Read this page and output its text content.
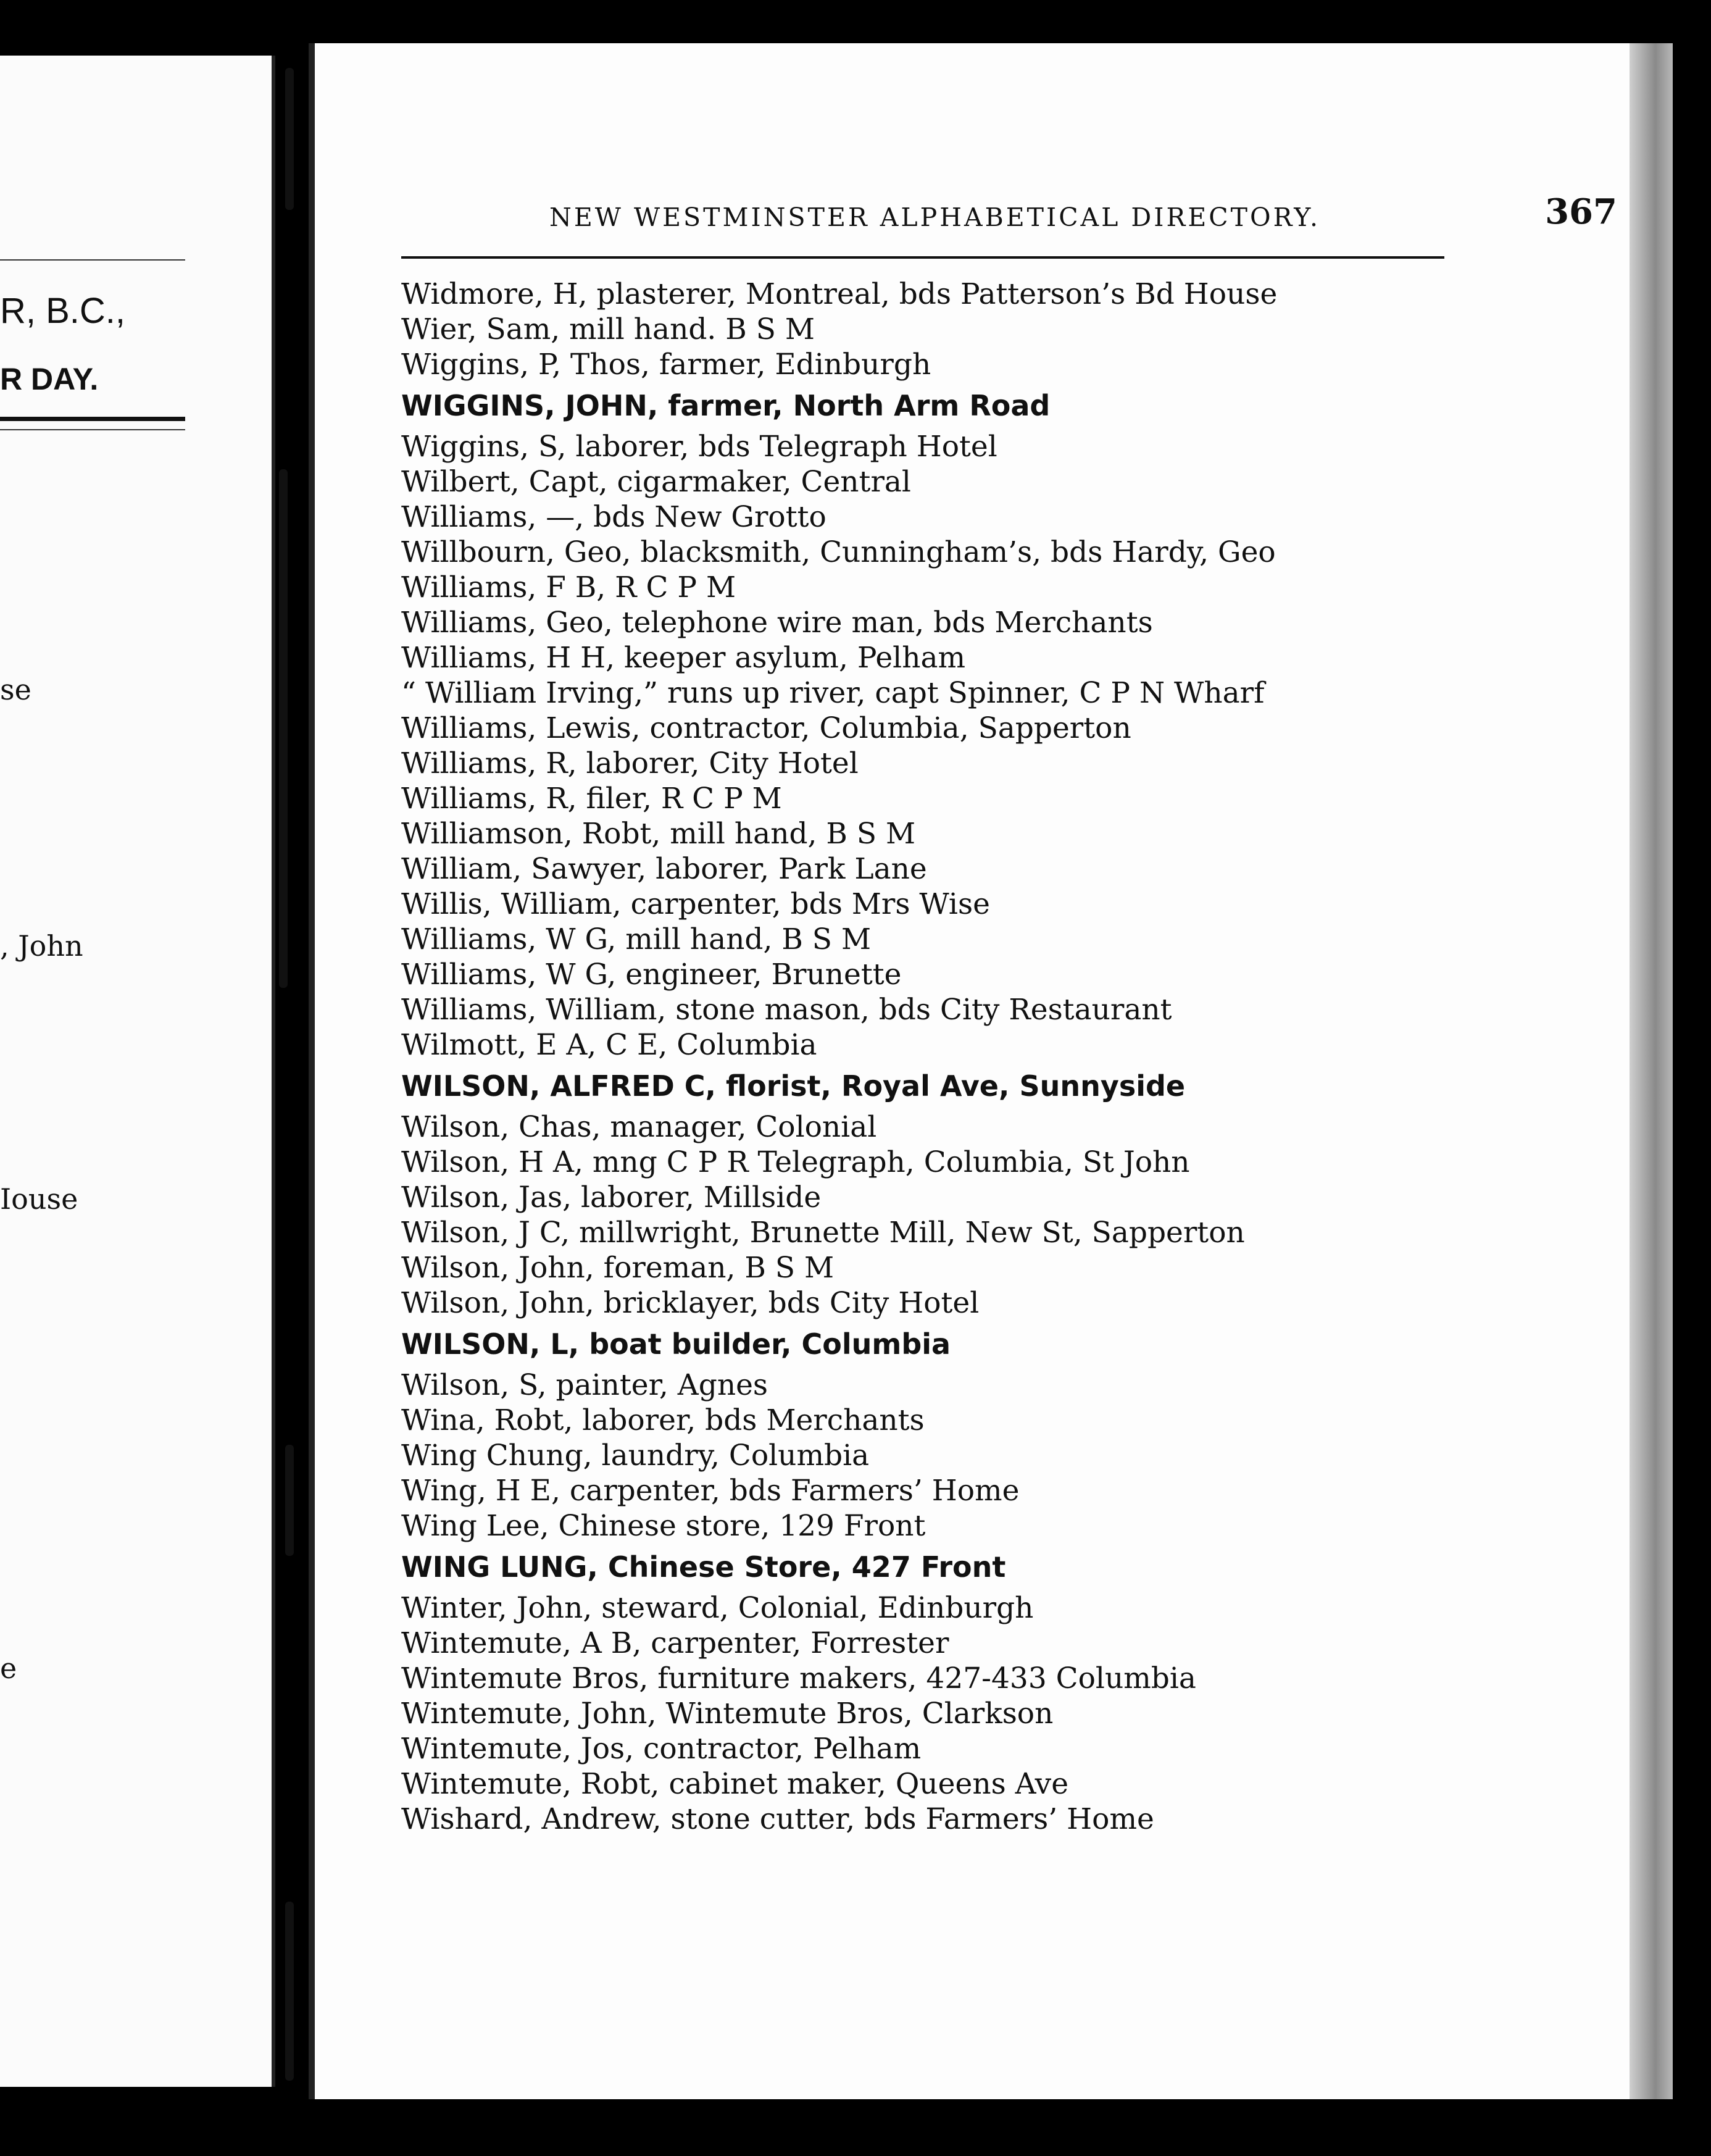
R, B.C.,
R DAY.
se
, John
Iouse
e
NEW WESTMINSTER ALPHABETICAL DIRECTORY.	367
Widmore, H, plasterer, Montreal, bds Patterson’s Bd House
Wier, Sam, mill hand. B S M
Wiggins, P, Thos, farmer, Edinburgh
WIGGINS, JOHN, farmer, North Arm Road
Wiggins, S, laborer, bds Telegraph Hotel
Wilbert, Capt, cigarmaker, Central
Williams, —, bds New Grotto
Willbourn, Geo, blacksmith, Cunningham’s, bds Hardy, Geo
Williams, F B, R C P M
Williams, Geo, telephone wire man, bds Merchants
Williams, H H, keeper asylum, Pelham
“ William Irving,” runs up river, capt Spinner, C P N Wharf
Williams, Lewis, contractor, Columbia, Sapperton
Williams, R, laborer, City Hotel
Williams, R, filer, R C P M
Williamson, Robt, mill hand, B S M
William, Sawyer, laborer, Park Lane
Willis, William, carpenter, bds Mrs Wise
Williams, W G, mill hand, B S M
Williams, W G, engineer, Brunette
Williams, William, stone mason, bds City Restaurant
Wilmott, E A, C E, Columbia
WILSON, ALFRED C, florist, Royal Ave, Sunnyside
Wilson, Chas, manager, Colonial
Wilson, H A, mng C P R Telegraph, Columbia, St John
Wilson, Jas, laborer, Millside
Wilson, J C, millwright, Brunette Mill, New St, Sapperton
Wilson, John, foreman, B S M
Wilson, John, bricklayer, bds City Hotel
WILSON, L, boat builder, Columbia
Wilson, S, painter, Agnes
Wina, Robt, laborer, bds Merchants
Wing Chung, laundry, Columbia
Wing, H E, carpenter, bds Farmers’ Home
Wing Lee, Chinese store, 129 Front
WING LUNG, Chinese Store, 427 Front
Winter, John, steward, Colonial, Edinburgh
Wintemute, A B, carpenter, Forrester
Wintemute Bros, furniture makers, 427-433 Columbia
Wintemute, John, Wintemute Bros, Clarkson
Wintemute, Jos, contractor, Pelham
Wintemute, Robt, cabinet maker, Queens Ave
Wishard, Andrew, stone cutter, bds Farmers’ Home
